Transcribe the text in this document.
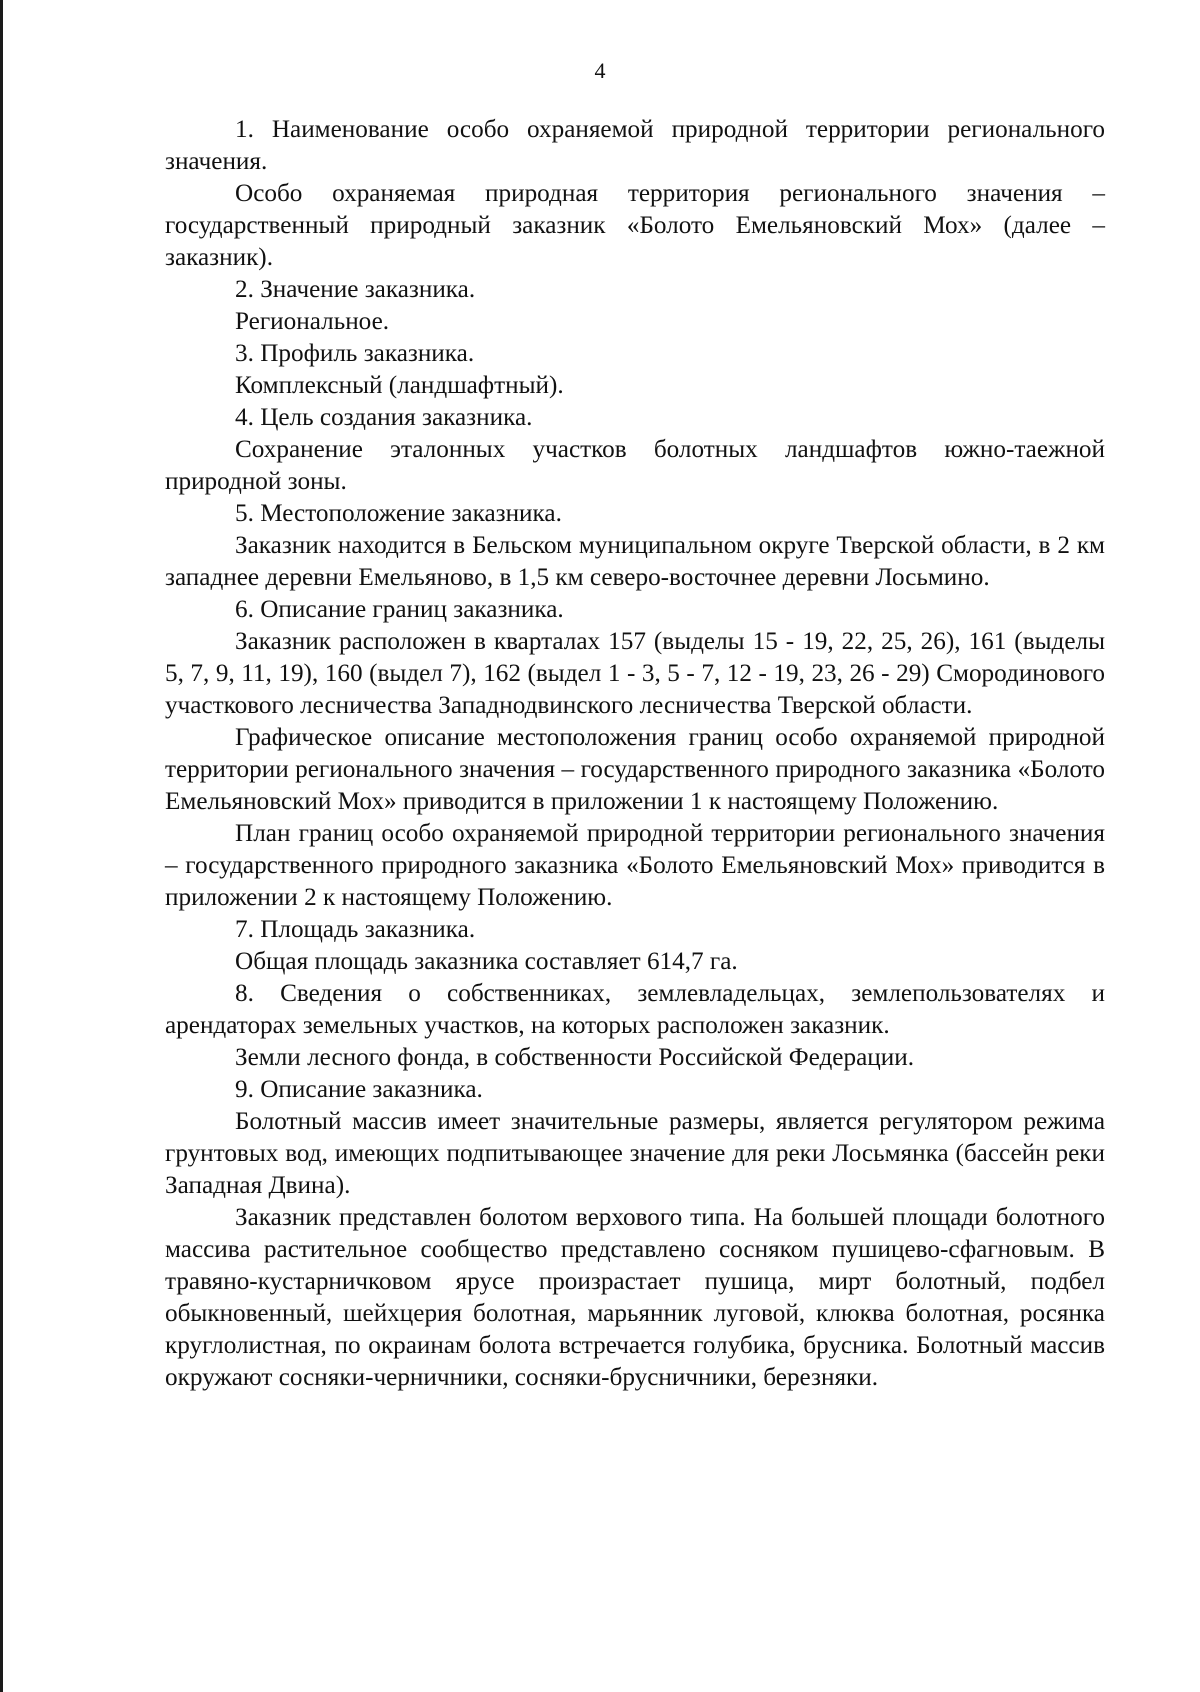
4

1. Наименование особо охраняемой природной территории регионального значения.

Особо охраняемая природная территория регионального значения – государственный природный заказник «Болото Емельяновский Мох» (далее – заказник).

2. Значение заказника.

Региональное.

3. Профиль заказника.

Комплексный (ландшафтный).

4. Цель создания заказника.

Сохранение эталонных участков болотных ландшафтов южно-таежной природной зоны.

5. Местоположение заказника.

Заказник находится в Бельском муниципальном округе Тверской области, в 2 км западнее деревни Емельяново, в 1,5 км северо-восточнее деревни Лосьмино.

6. Описание границ заказника.

Заказник расположен в кварталах 157 (выделы 15 - 19, 22, 25, 26), 161 (выделы 5, 7, 9, 11, 19), 160 (выдел 7), 162 (выдел 1 - 3, 5 - 7, 12 - 19, 23, 26 - 29) Смородинового участкового лесничества Западнодвинского лесничества Тверской области.

Графическое описание местоположения границ особо охраняемой природной территории регионального значения – государственного природного заказника «Болото Емельяновский Мох» приводится в приложении 1 к настоящему Положению.

План границ особо охраняемой природной территории регионального значения – государственного природного заказника «Болото Емельяновский Мох» приводится в приложении 2 к настоящему Положению.

7. Площадь заказника.

Общая площадь заказника составляет 614,7 га.

8. Сведения о собственниках, землевладельцах, землепользователях и арендаторах земельных участков, на которых расположен заказник.

Земли лесного фонда, в собственности Российской Федерации.

9. Описание заказника.

Болотный массив имеет значительные размеры, является регулятором режима грунтовых вод, имеющих подпитывающее значение для реки Лосьмянка (бассейн реки Западная Двина).

Заказник представлен болотом верхового типа. На большей площади болотного массива растительное сообщество представлено сосняком пушицево-сфагновым. В травяно-кустарничковом ярусе произрастает пушица, мирт болотный, подбел обыкновенный, шейхцерия болотная, марьянник луговой, клюква болотная, росянка круглолистная, по окраинам болота встречается голубика, брусника. Болотный массив окружают сосняки-черничники, сосняки-брусничники, березняки.
